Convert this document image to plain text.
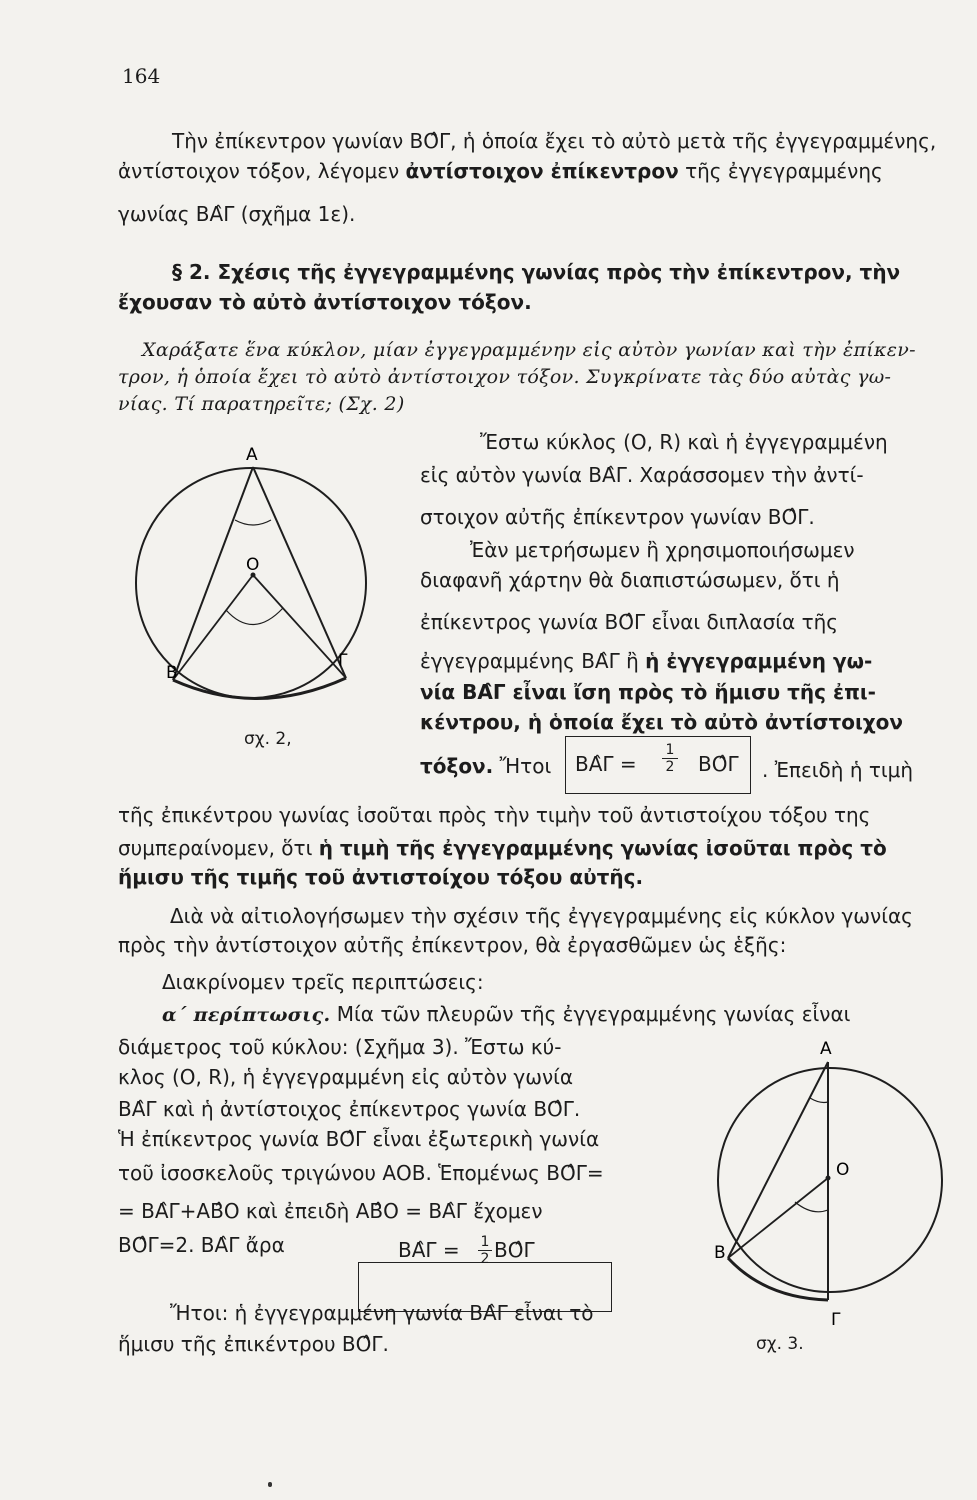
164
Τὴν ἐπίκεντρον γωνίαν ΒΟ̂Γ, ἡ ὁποία ἔχει τὸ αὐτὸ μετὰ τῆς ἐγγεγραμμένης,
ἀντίστοιχον τόξον, λέγομεν ἀντίστοιχον ἐπίκεντρον τῆς ἐγγεγραμμένης
γωνίας ΒΑ̂Γ (σχῆμα 1ε).
§ 2. Σχέσις τῆς ἐγγεγραμμένης γωνίας πρὸς τὴν ἐπίκεντρον, τὴν
ἔχουσαν τὸ αὐτὸ ἀντίστοιχον τόξον.
Χαράξατε ἕνα κύκλον, μίαν ἐγγεγραμμένην εἰς αὐτὸν γωνίαν καὶ τὴν ἐπίκεν-
τρον, ἡ ὁποία ἔχει τὸ αὐτὸ ἀντίστοιχον τόξον. Συγκρίνατε τὰς δύο αὐτὰς γω-
νίας. Τί παρατηρεῖτε; (Σχ. 2)
Ἔστω κύκλος (Ο, R) καὶ ἡ ἐγγεγραμμένη
εἰς αὐτὸν γωνία ΒΑ̂Γ. Χαράσσομεν τὴν ἀντί-
στοιχον αὐτῆς ἐπίκεντρον γωνίαν ΒΟ̂Γ.
Ἐὰν μετρήσωμεν ἢ χρησιμοποιήσωμεν
διαφανῆ χάρτην θὰ διαπιστώσωμεν, ὅτι ἡ
ἐπίκεντρος γωνία ΒΟ̂Γ εἶναι διπλασία τῆς
ἐγγεγραμμένης ΒΑ̂Γ ἢ ἡ ἐγγεγραμμένη γω-
νία ΒΑ̂Γ εἶναι ἴση πρὸς τὸ ἥμισυ τῆς ἐπι-
κέντρου, ἡ ὁποία ἔχει τὸ αὐτὸ ἀντίστοιχον
τόξον. Ἤτοι ΒΑ̂Γ =
1
2 ΒΟ̂Γ . Ἐπειδὴ ἡ τιμὴ
τῆς ἐπικέντρου γωνίας ἰσοῦται πρὸς τὴν τιμὴν τοῦ ἀντιστοίχου τόξου της
συμπεραίνομεν, ὅτι ἡ τιμὴ τῆς ἐγγεγραμμένης γωνίας ἰσοῦται πρὸς τὸ
ἥμισυ τῆς τιμῆς τοῦ ἀντιστοίχου τόξου αὐτῆς.
Διὰ νὰ αἰτιολογήσωμεν τὴν σχέσιν τῆς ἐγγεγραμμένης εἰς κύκλον γωνίας
πρὸς τὴν ἀντίστοιχον αὐτῆς ἐπίκεντρον, θὰ ἐργασθῶμεν ὡς ἑξῆς:
Διακρίνομεν τρεῖς περιπτώσεις:
α΄ περίπτωσις. Μία τῶν πλευρῶν τῆς ἐγγεγραμμένης γωνίας εἶναι
διάμετρος τοῦ κύκλου: (Σχῆμα 3). Ἔστω κύ-
κλος (Ο, R), ἡ ἐγγεγραμμένη εἰς αὐτὸν γωνία
ΒΑ̂Γ καὶ ἡ ἀντίστοιχος ἐπίκεντρος γωνία ΒΟ̂Γ.
Ἡ ἐπίκεντρος γωνία ΒΟ̂Γ εἶναι ἐξωτερικὴ γωνία
τοῦ ἰσοσκελοῦς τριγώνου ΑΟΒ. Ἑπομένως ΒΟ̂Γ=
= ΒΑ̂Γ+ΑΒ̂Ο καὶ ἐπειδὴ ΑΒ̂Ο = ΒΑ̂Γ ἔχομεν
ΒΟ̂Γ=2. ΒΑ̂Γ ἄρα	ΒΑ̂Γ = 1
2 ΒΟ̂Γ
Ἤτοι: ἡ ἐγγεγραμμένη γωνία ΒΑ̂Γ εἶναι τὸ
ἥμισυ τῆς ἐπικέντρου ΒΟ̂Γ.
Α
Ο
Β
Γ
σχ. 2,
Α
Ο
Β
Γ
σχ. 3.
